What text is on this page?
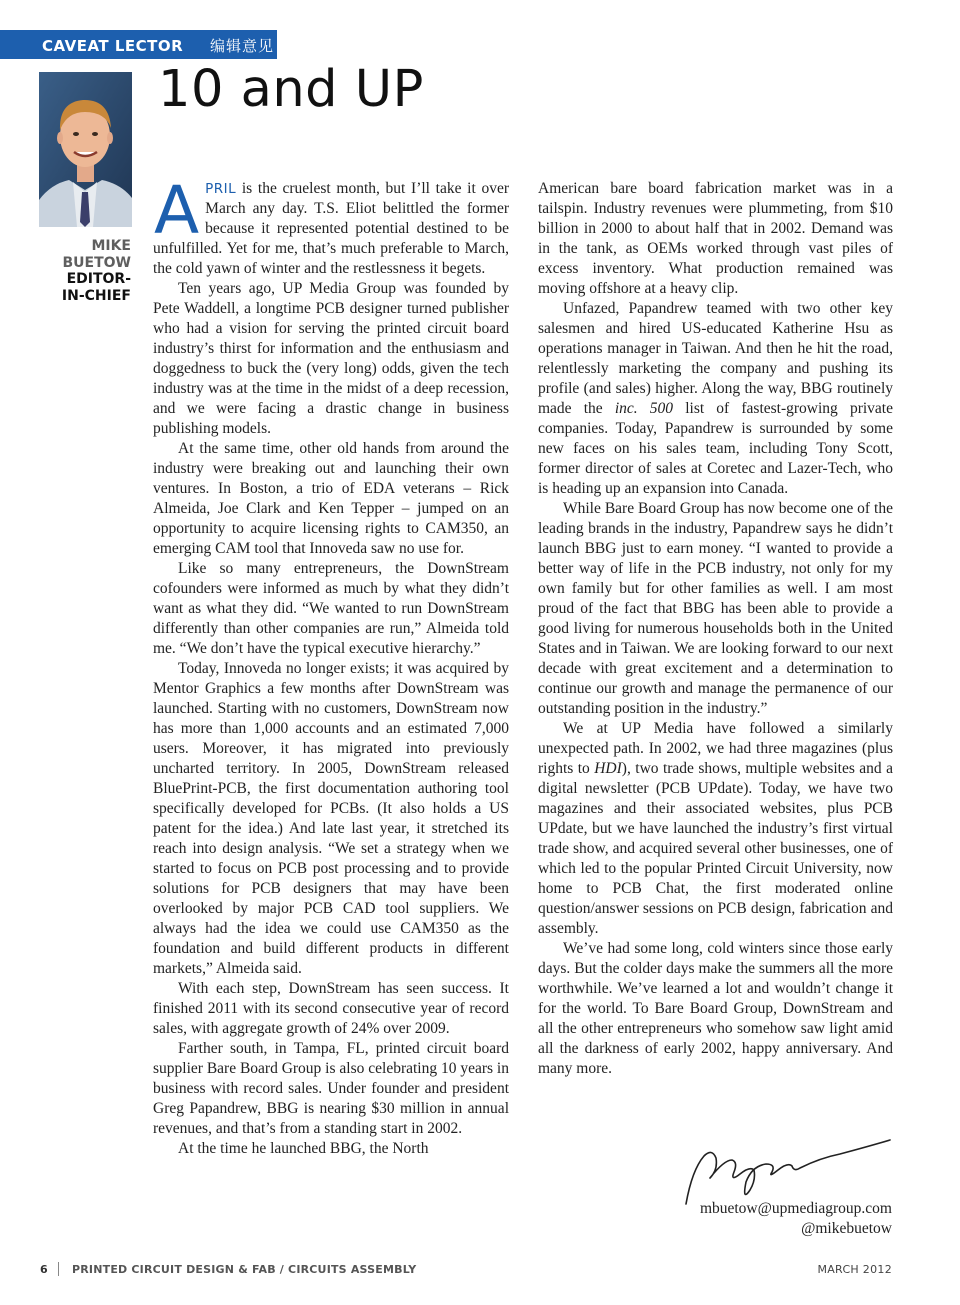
CAVEAT LECTOR 编辑意见
10 and UP
MIKE
BUETOW
EDITOR-
IN-CHIEF

APRIL is the cruelest month, but I’ll take it over March any day. T.S. Eliot belittled the former because it represented potential destined to be unfulfilled. Yet for me, that’s much preferable to March, the cold yawn of winter and the restlessness it begets.

Ten years ago, UP Media Group was founded by Pete Waddell, a longtime PCB designer turned publisher who had a vision for serving the printed circuit board industry’s thirst for information and the enthusiasm and doggedness to buck the (very long) odds, given the tech industry was at the time in the midst of a deep recession, and we were facing a drastic change in business publishing models.

At the same time, other old hands from around the industry were breaking out and launching their own ventures. In Boston, a trio of EDA veterans – Rick Almeida, Joe Clark and Ken Tepper – jumped on an opportunity to acquire licensing rights to CAM350, an emerging CAM tool that Innoveda saw no use for.

Like so many entrepreneurs, the DownStream cofounders were informed as much by what they didn’t want as what they did. “We wanted to run DownStream differently than other companies are run,” Almeida told me. “We don’t have the typical executive hierarchy.”

Today, Innoveda no longer exists; it was acquired by Mentor Graphics a few months after DownStream was launched. Starting with no customers, DownStream now has more than 1,000 accounts and an estimated 7,000 users. Moreover, it has migrated into previously uncharted territory. In 2005, DownStream released BluePrint-PCB, the first documentation authoring tool specifically developed for PCBs. (It also holds a US patent for the idea.) And late last year, it stretched its reach into design analysis. “We set a strategy when we started to focus on PCB post processing and to provide solutions for PCB designers that may have been overlooked by major PCB CAD tool suppliers. We always had the idea we could use CAM350 as the foundation and build different products in different markets,” Almeida said.

With each step, DownStream has seen success. It finished 2011 with its second consecutive year of record sales, with aggregate growth of 24% over 2009.

Farther south, in Tampa, FL, printed circuit board supplier Bare Board Group is also celebrating 10 years in business with record sales. Under founder and president Greg Papandrew, BBG is nearing $30 million in annual revenues, and that’s from a standing start in 2002.

At the time he launched BBG, the North

American bare board fabrication market was in a tailspin. Industry revenues were plummeting, from $10 billion in 2000 to about half that in 2002. Demand was in the tank, as OEMs worked through vast piles of excess inventory. What production remained was moving offshore at a heavy clip.

Unfazed, Papandrew teamed with two other key salesmen and hired US-educated Katherine Hsu as operations manager in Taiwan. And then he hit the road, relentlessly marketing the company and pushing its profile (and sales) higher. Along the way, BBG routinely made the inc. 500 list of fastest-growing private companies. Today, Papandrew is surrounded by some new faces on his sales team, including Tony Scott, former director of sales at Coretec and Lazer-Tech, who is heading up an expansion into Canada.

While Bare Board Group has now become one of the leading brands in the industry, Papandrew says he didn’t launch BBG just to earn money. “I wanted to provide a better way of life in the PCB industry, not only for my own family but for other families as well. I am most proud of the fact that BBG has been able to provide a good living for numerous households both in the United States and in Taiwan. We are looking forward to our next decade with great excitement and a determination to continue our growth and manage the permanence of our outstanding position in the industry.”

We at UP Media have followed a similarly unexpected path. In 2002, we had three magazines (plus rights to HDI), two trade shows, multiple websites and a digital newsletter (PCB UPdate). Today, we have two magazines and their associated websites, plus PCB UPdate, but we have launched the industry’s first virtual trade show, and acquired several other businesses, one of which led to the popular Printed Circuit University, now home to PCB Chat, the first moderated online question/answer sessions on PCB design, fabrication and assembly.

We’ve had some long, cold winters since those early days. But the colder days make the summers all the more worthwhile. We’ve learned a lot and wouldn’t change it for the world. To Bare Board Group, DownStream and all the other entrepreneurs who somehow saw light amid all the darkness of early 2002, happy anniversary. And many more.

mbuetow@upmediagroup.com
@mikebuetow
6 PRINTED CIRCUIT DESIGN & FAB / CIRCUITS ASSEMBLY	MARCH 2012
